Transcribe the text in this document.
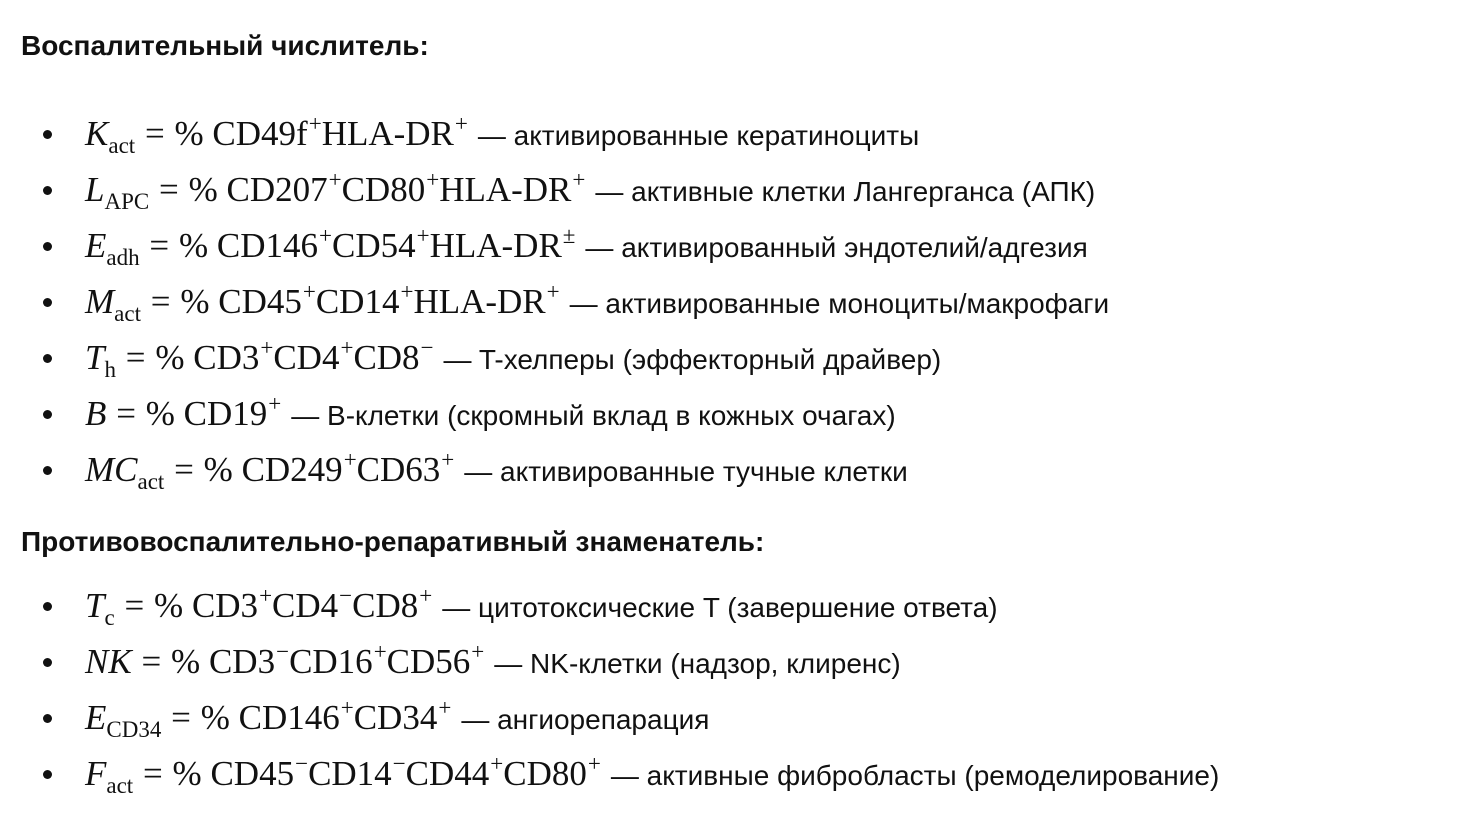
Воспалительный числитель:
$K_{act}$ = % CD49f+HLA-DR+ — активированные кератиноциты
$L_{APC}$ = % CD207+CD80+HLA-DR+ — активные клетки Лангерганса (АПК)
$E_{adh}$ = % CD146+CD54+HLA-DR± — активированный эндотелий/адгезия
$M_{act}$ = % CD45+CD14+HLA-DR+ — активированные моноциты/макрофаги
$T_h$ = % CD3+CD4+CD8− — T-хелперы (эффекторный драйвер)
B = % CD19+ — B-клетки (скромный вклад в кожных очагах)
$MC_{act}$ = % CD249+CD63+ — активированные тучные клетки
Противовоспалительно-репаративный знаменатель:
$T_c$ = % CD3+CD4−CD8+ — цитотоксические T (завершение ответа)
NK = % CD3−CD16+CD56+ — NK-клетки (надзор, клиренс)
$E_{CD34}$ = % CD146+CD34+ — ангиорепарация
$F_{act}$ = % CD45−CD14−CD44+CD80+ — активные фибробласты (ремоделирование)
